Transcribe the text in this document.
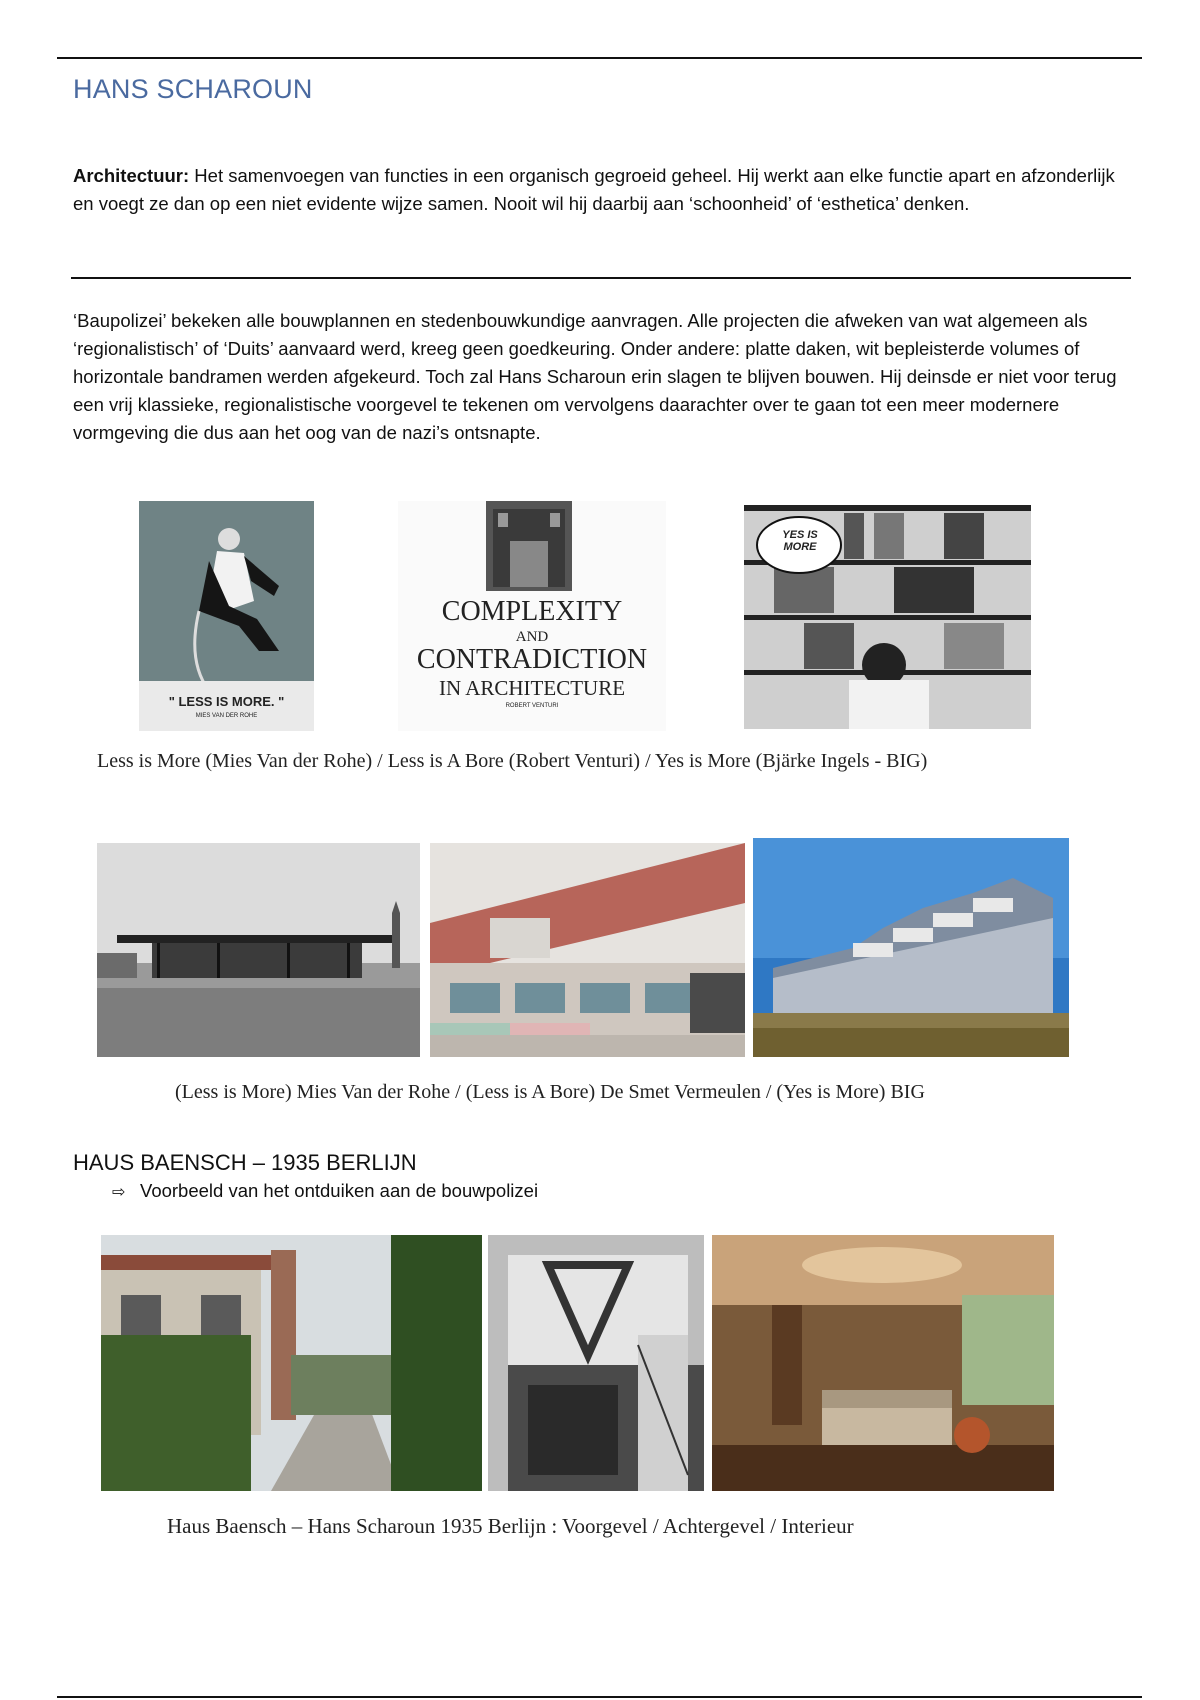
HANS SCHAROUN
Architectuur: Het samenvoegen van functies in een organisch gegroeid geheel. Hij werkt aan elke functie apart en afzonderlijk en voegt ze dan op een niet evidente wijze samen. Nooit wil hij daarbij aan ‘schoonheid’ of ‘esthetica’ denken.
‘Baupolizei’ bekeken alle bouwplannen en stedenbouwkundige aanvragen. Alle projecten die afweken van wat algemeen als ‘regionalistisch’ of ‘Duits’ aanvaard werd, kreeg geen goedkeuring. Onder andere: platte daken, wit bepleisterde volumes of horizontale bandramen werden afgekeurd. Toch zal Hans Scharoun erin slagen te blijven bouwen. Hij deinsde er niet voor terug een vrij klassieke, regionalistische voorgevel te tekenen om vervolgens daarachter over te gaan tot een meer modernere vormgeving die dus aan het oog van de nazi’s ontsnapte.
" LESS IS MORE. "
MIES VAN DER ROHE
COMPLEXITY
AND
CONTRADICTION
IN ARCHITECTURE
ROBERT VENTURI
YES IS MORE
Less is More (Mies Van der Rohe) / Less is A Bore (Robert Venturi) / Yes is More (Bjärke Ingels - BIG)
(Less is More) Mies Van der Rohe / (Less is A Bore) De Smet Vermeulen / (Yes is More) BIG
HAUS BAENSCH – 1935 BERLIJN
⇨ Voorbeeld van het ontduiken aan de bouwpolizei
Haus Baensch – Hans Scharoun 1935 Berlijn : Voorgevel / Achtergevel / Interieur
